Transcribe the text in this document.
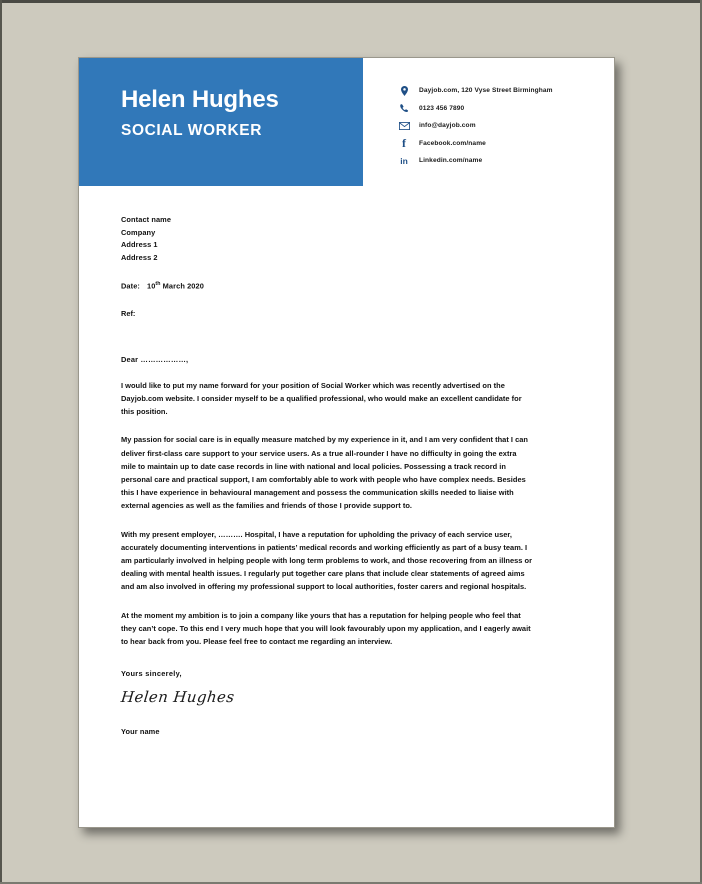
Helen Hughes
SOCIAL WORKER
Dayjob.com, 120 Vyse Street Birmingham
0123 456 7890
info@dayjob.com
f	Facebook.com/name
in	Linkedin.com/name
Contact name
Company
Address 1
Address 2
Date: 10th March 2020
Ref:
Dear ………………,
I would like to put my name forward for your position of Social Worker which was recently advertised on the Dayjob.com website. I consider myself to be a qualified professional, who would make an excellent candidate for this position.
My passion for social care is in equally measure matched by my experience in it, and I am very confident that I can deliver first-class care support to your service users. As a true all-rounder I have no difficulty in going the extra mile to maintain up to date case records in line with national and local policies. Possessing a track record in personal care and practical support, I am comfortably able to work with people who have complex needs. Besides this I have experience in behavioural management and possess the communication skills needed to liaise with external agencies as well as the families and friends of those I provide support to.
With my present employer, ………. Hospital, I have a reputation for upholding the privacy of each service user, accurately documenting interventions in patients’ medical records and working efficiently as part of a busy team. I am particularly involved in helping people with long term problems to work, and those recovering from an illness or dealing with mental health issues. I regularly put together care plans that include clear statements of agreed aims and am also involved in offering my professional support to local authorities, foster carers and regional hospitals.
At the moment my ambition is to join a company like yours that has a reputation for helping people who feel that they can’t cope. To this end I very much hope that you will look favourably upon my application, and I eagerly await to hear back from you. Please feel free to contact me regarding an interview.
Yours sincerely,
Helen Hughes
Your name
